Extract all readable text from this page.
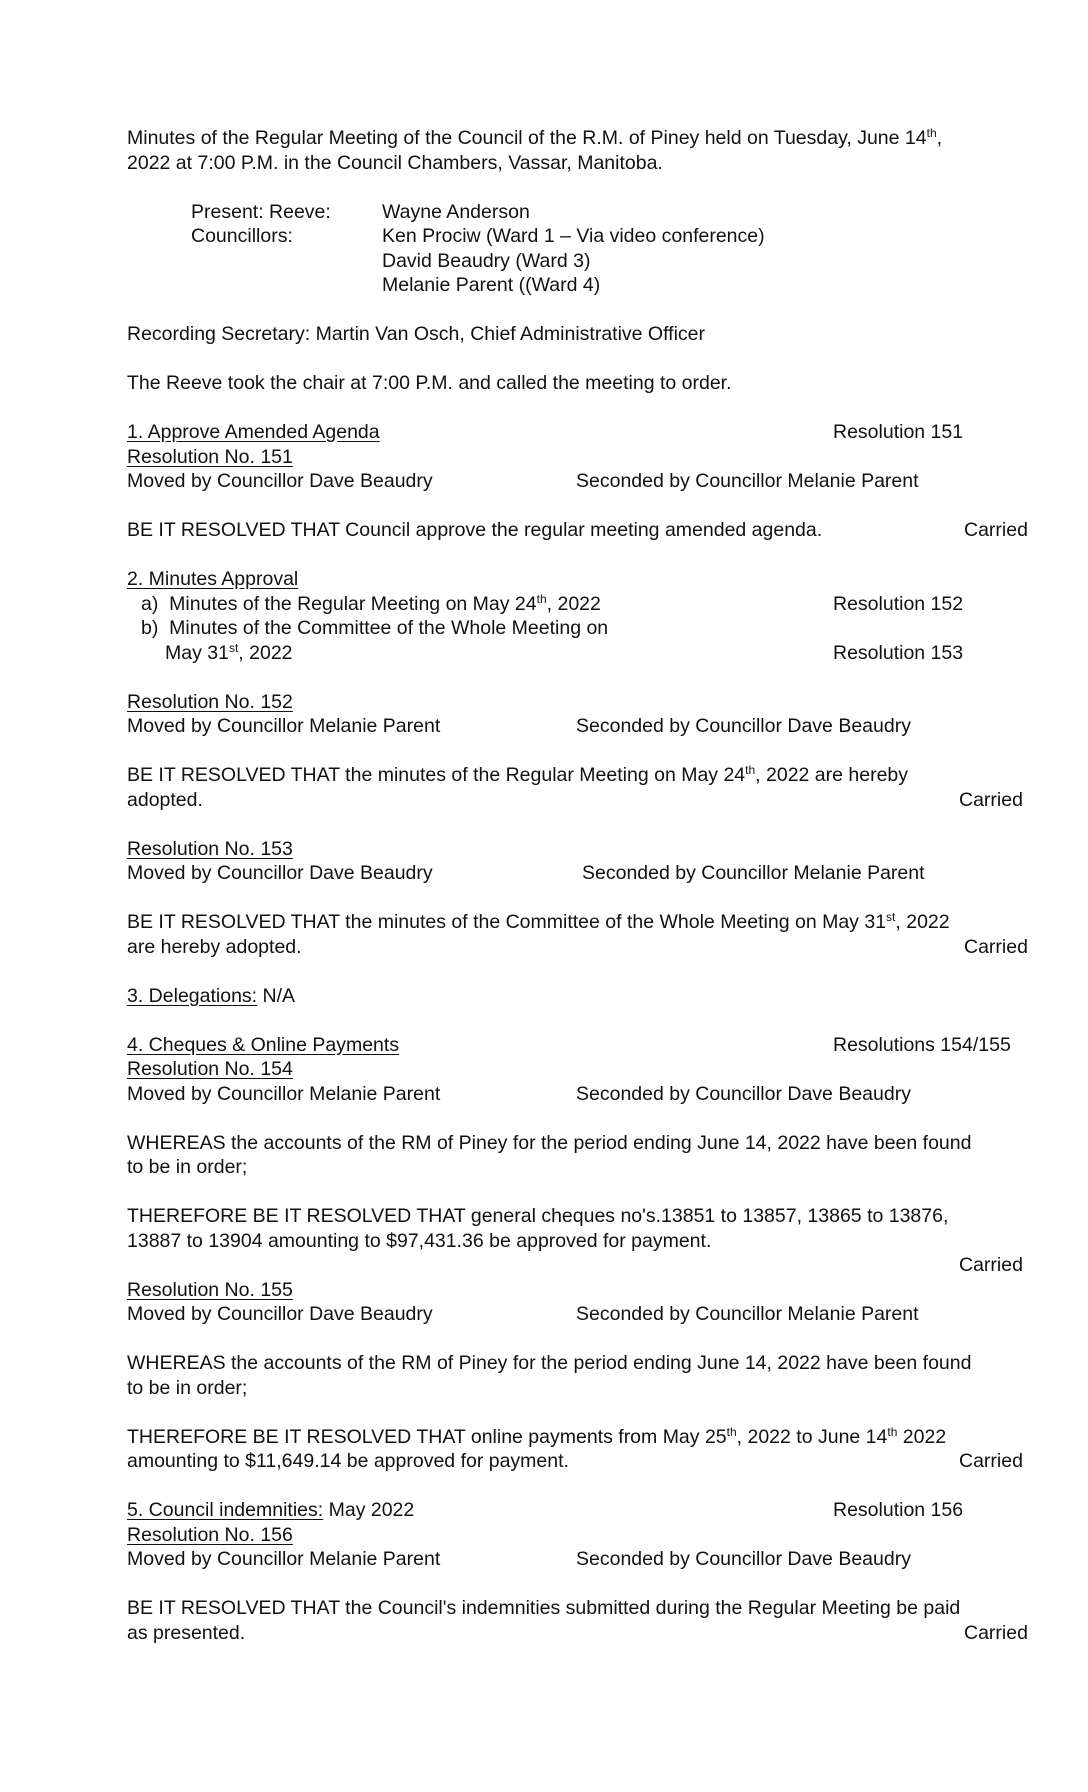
Minutes of the Regular Meeting of the Council of the R.M. of Piney held on Tuesday, June 14th,
2022 at 7:00 P.M. in the Council Chambers, Vassar, Manitoba.
Present: Reeve:	Wayne Anderson
Councillors:	Ken Prociw (Ward 1 – Via video conference)
David Beaudry (Ward 3)
Melanie Parent ((Ward 4)
Recording Secretary: Martin Van Osch, Chief Administrative Officer
The Reeve took the chair at 7:00 P.M. and called the meeting to order.
1. Approve Amended Agenda	Resolution 151
Resolution No. 151
Moved by Councillor Dave Beaudry	Seconded by Councillor Melanie Parent
BE IT RESOLVED THAT Council approve the regular meeting amended agenda.	Carried
2. Minutes Approval
a)  Minutes of the Regular Meeting on May 24th, 2022	Resolution 152
b)  Minutes of the Committee of the Whole Meeting on
May 31st, 2022	Resolution 153
Resolution No. 152
Moved by Councillor Melanie Parent	Seconded by Councillor Dave Beaudry
BE IT RESOLVED THAT the minutes of the Regular Meeting on May 24th, 2022 are hereby
adopted.	Carried
Resolution No. 153
Moved by Councillor Dave Beaudry	Seconded by Councillor Melanie Parent
BE IT RESOLVED THAT the minutes of the Committee of the Whole Meeting on May 31st, 2022
are hereby adopted.	Carried
3. Delegations: N/A
4. Cheques & Online Payments	Resolutions 154/155
Resolution No. 154
Moved by Councillor Melanie Parent	Seconded by Councillor Dave Beaudry
WHEREAS the accounts of the RM of Piney for the period ending June 14, 2022 have been found
to be in order;
THEREFORE BE IT RESOLVED THAT general cheques no's.13851 to 13857, 13865 to 13876,
13887 to 13904 amounting to $97,431.36 be approved for payment.
Carried
Resolution No. 155
Moved by Councillor Dave Beaudry	Seconded by Councillor Melanie Parent
WHEREAS the accounts of the RM of Piney for the period ending June 14, 2022 have been found
to be in order;
THEREFORE BE IT RESOLVED THAT online payments from May 25th, 2022 to June 14th 2022
amounting to $11,649.14 be approved for payment.	Carried
5. Council indemnities: May 2022	Resolution 156
Resolution No. 156
Moved by Councillor Melanie Parent	Seconded by Councillor Dave Beaudry
BE IT RESOLVED THAT the Council's indemnities submitted during the Regular Meeting be paid
as presented.	Carried
